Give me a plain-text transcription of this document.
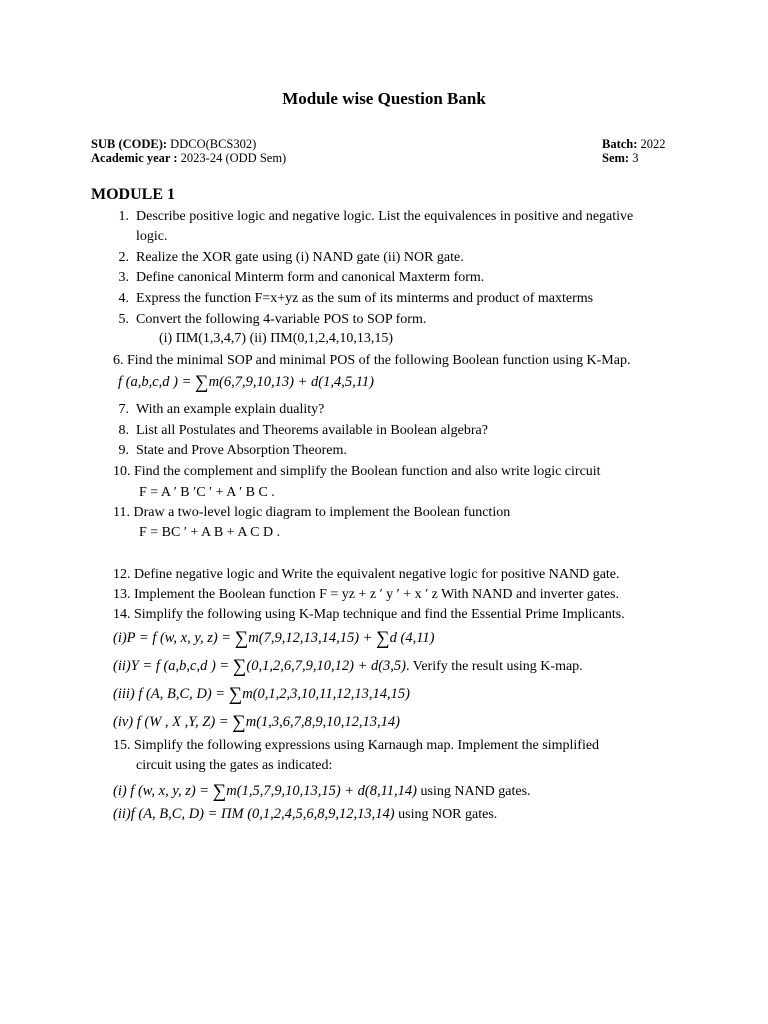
Module wise Question Bank
SUB (CODE): DDCO(BCS302)
Academic year : 2023-24 (ODD Sem)
Batch: 2022
Sem: 3
MODULE 1
1. Describe positive logic and negative logic. List the equivalences in positive and negative
logic.
2. Realize the XOR gate using (i) NAND gate (ii) NOR gate.
3. Define canonical Minterm form and canonical Maxterm form.
4. Express the function F=x+yz as the sum of its minterms and product of maxterms
5. Convert the following 4-variable POS to SOP form.
(i) ΠM(1,3,4,7) (ii) ΠM(0,1,2,4,10,13,15)
6. Find the minimal SOP and minimal POS of the following Boolean function using K-Map.
f (a,b,c,d ) = ∑m(6,7,9,10,13) + d(1,4,5,11)
7. With an example explain duality?
8. List all Postulates and Theorems available in Boolean algebra?
9. State and Prove Absorption Theorem.
10. Find the complement and simplify the Boolean function and also write logic circuit
F = A ′ B ′C ′ + A ′ B C .
11. Draw a two-level logic diagram to implement the Boolean function
F = BC ′ + A B + A C D .
12. Define negative logic and Write the equivalent negative logic for positive NAND gate.
13. Implement the Boolean function F = yz + z ′ y ′ + x ′ z With NAND and inverter gates.
14. Simplify the following using K-Map technique and find the Essential Prime Implicants.
(i)P = f (w, x, y, z) = ∑m(7,9,12,13,14,15) + ∑d (4,11)
(ii)Y = f (a,b,c,d ) = ∑(0,1,2,6,7,9,10,12) + d(3,5). Verify the result using K-map.
(iii) f (A, B,C, D) = ∑m(0,1,2,3,10,11,12,13,14,15)
(iv) f (W , X ,Y, Z) = ∑m(1,3,6,7,8,9,10,12,13,14)
15. Simplify the following expressions using Karnaugh map. Implement the simplified
circuit using the gates as indicated:
(i) f (w, x, y, z) = ∑m(1,5,7,9,10,13,15) + d(8,11,14) using NAND gates.
(ii)f (A, B,C, D) = ΠM (0,1,2,4,5,6,8,9,12,13,14) using NOR gates.
